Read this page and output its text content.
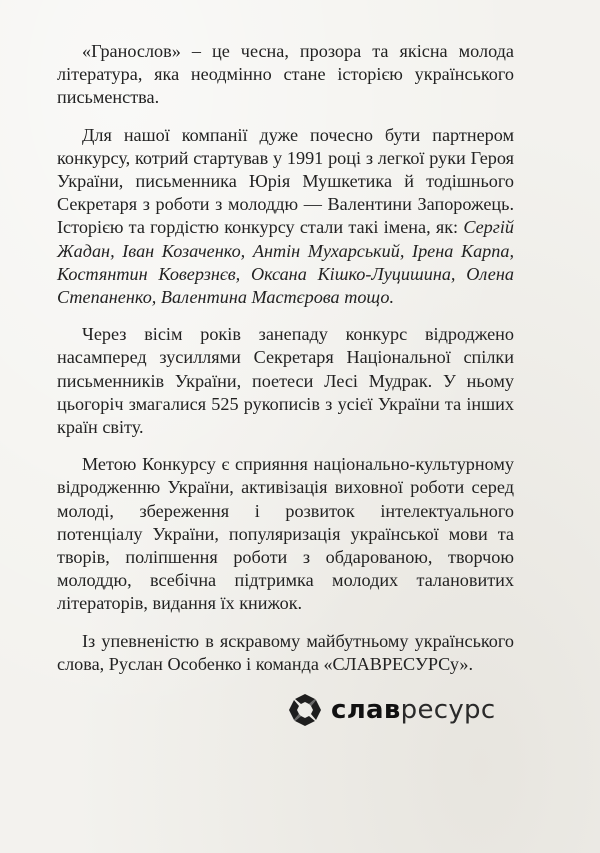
«Гранослов» – це чесна, прозора та якісна молода література, яка неодмінно стане історією українського письменства.

Для нашої компанії дуже почесно бути партнером конкурсу, котрий стартував у 1991 році з легкої руки Героя України, письменника Юрія Мушкетика й тодішнього Секретаря з роботи з молоддю — Валентини Запорожець. Історією та гордістю конкурсу стали такі імена, як: Сергій Жадан, Іван Козаченко, Антін Мухарський, Ірена Карпа, Костянтин Коверзнєв, Оксана Кішко-Луцишина, Олена Степаненко, Валентина Мастєрова тощо.

Через вісім років занепаду конкурс відроджено насамперед зусиллями Секретаря Національної спілки письменників України, поетеси Лесі Мудрак. У ньому цьогоріч змагалися 525 рукописів з усієї України та інших країн світу.

Метою Конкурсу є сприяння національно-культурному відродженню України, активізація виховної роботи серед молоді, збереження і розвиток інтелектуального потенціалу України, популяризація української мови та творів, поліпшення роботи з обдарованою, творчою молоддю, всебічна підтримка молодих талановитих літераторів, видання їх книжок.

Із упевненістю в яскравому майбутньому українського слова, Руслан Особенко і команда «СЛАВРЕСУРСу».

славресурс
